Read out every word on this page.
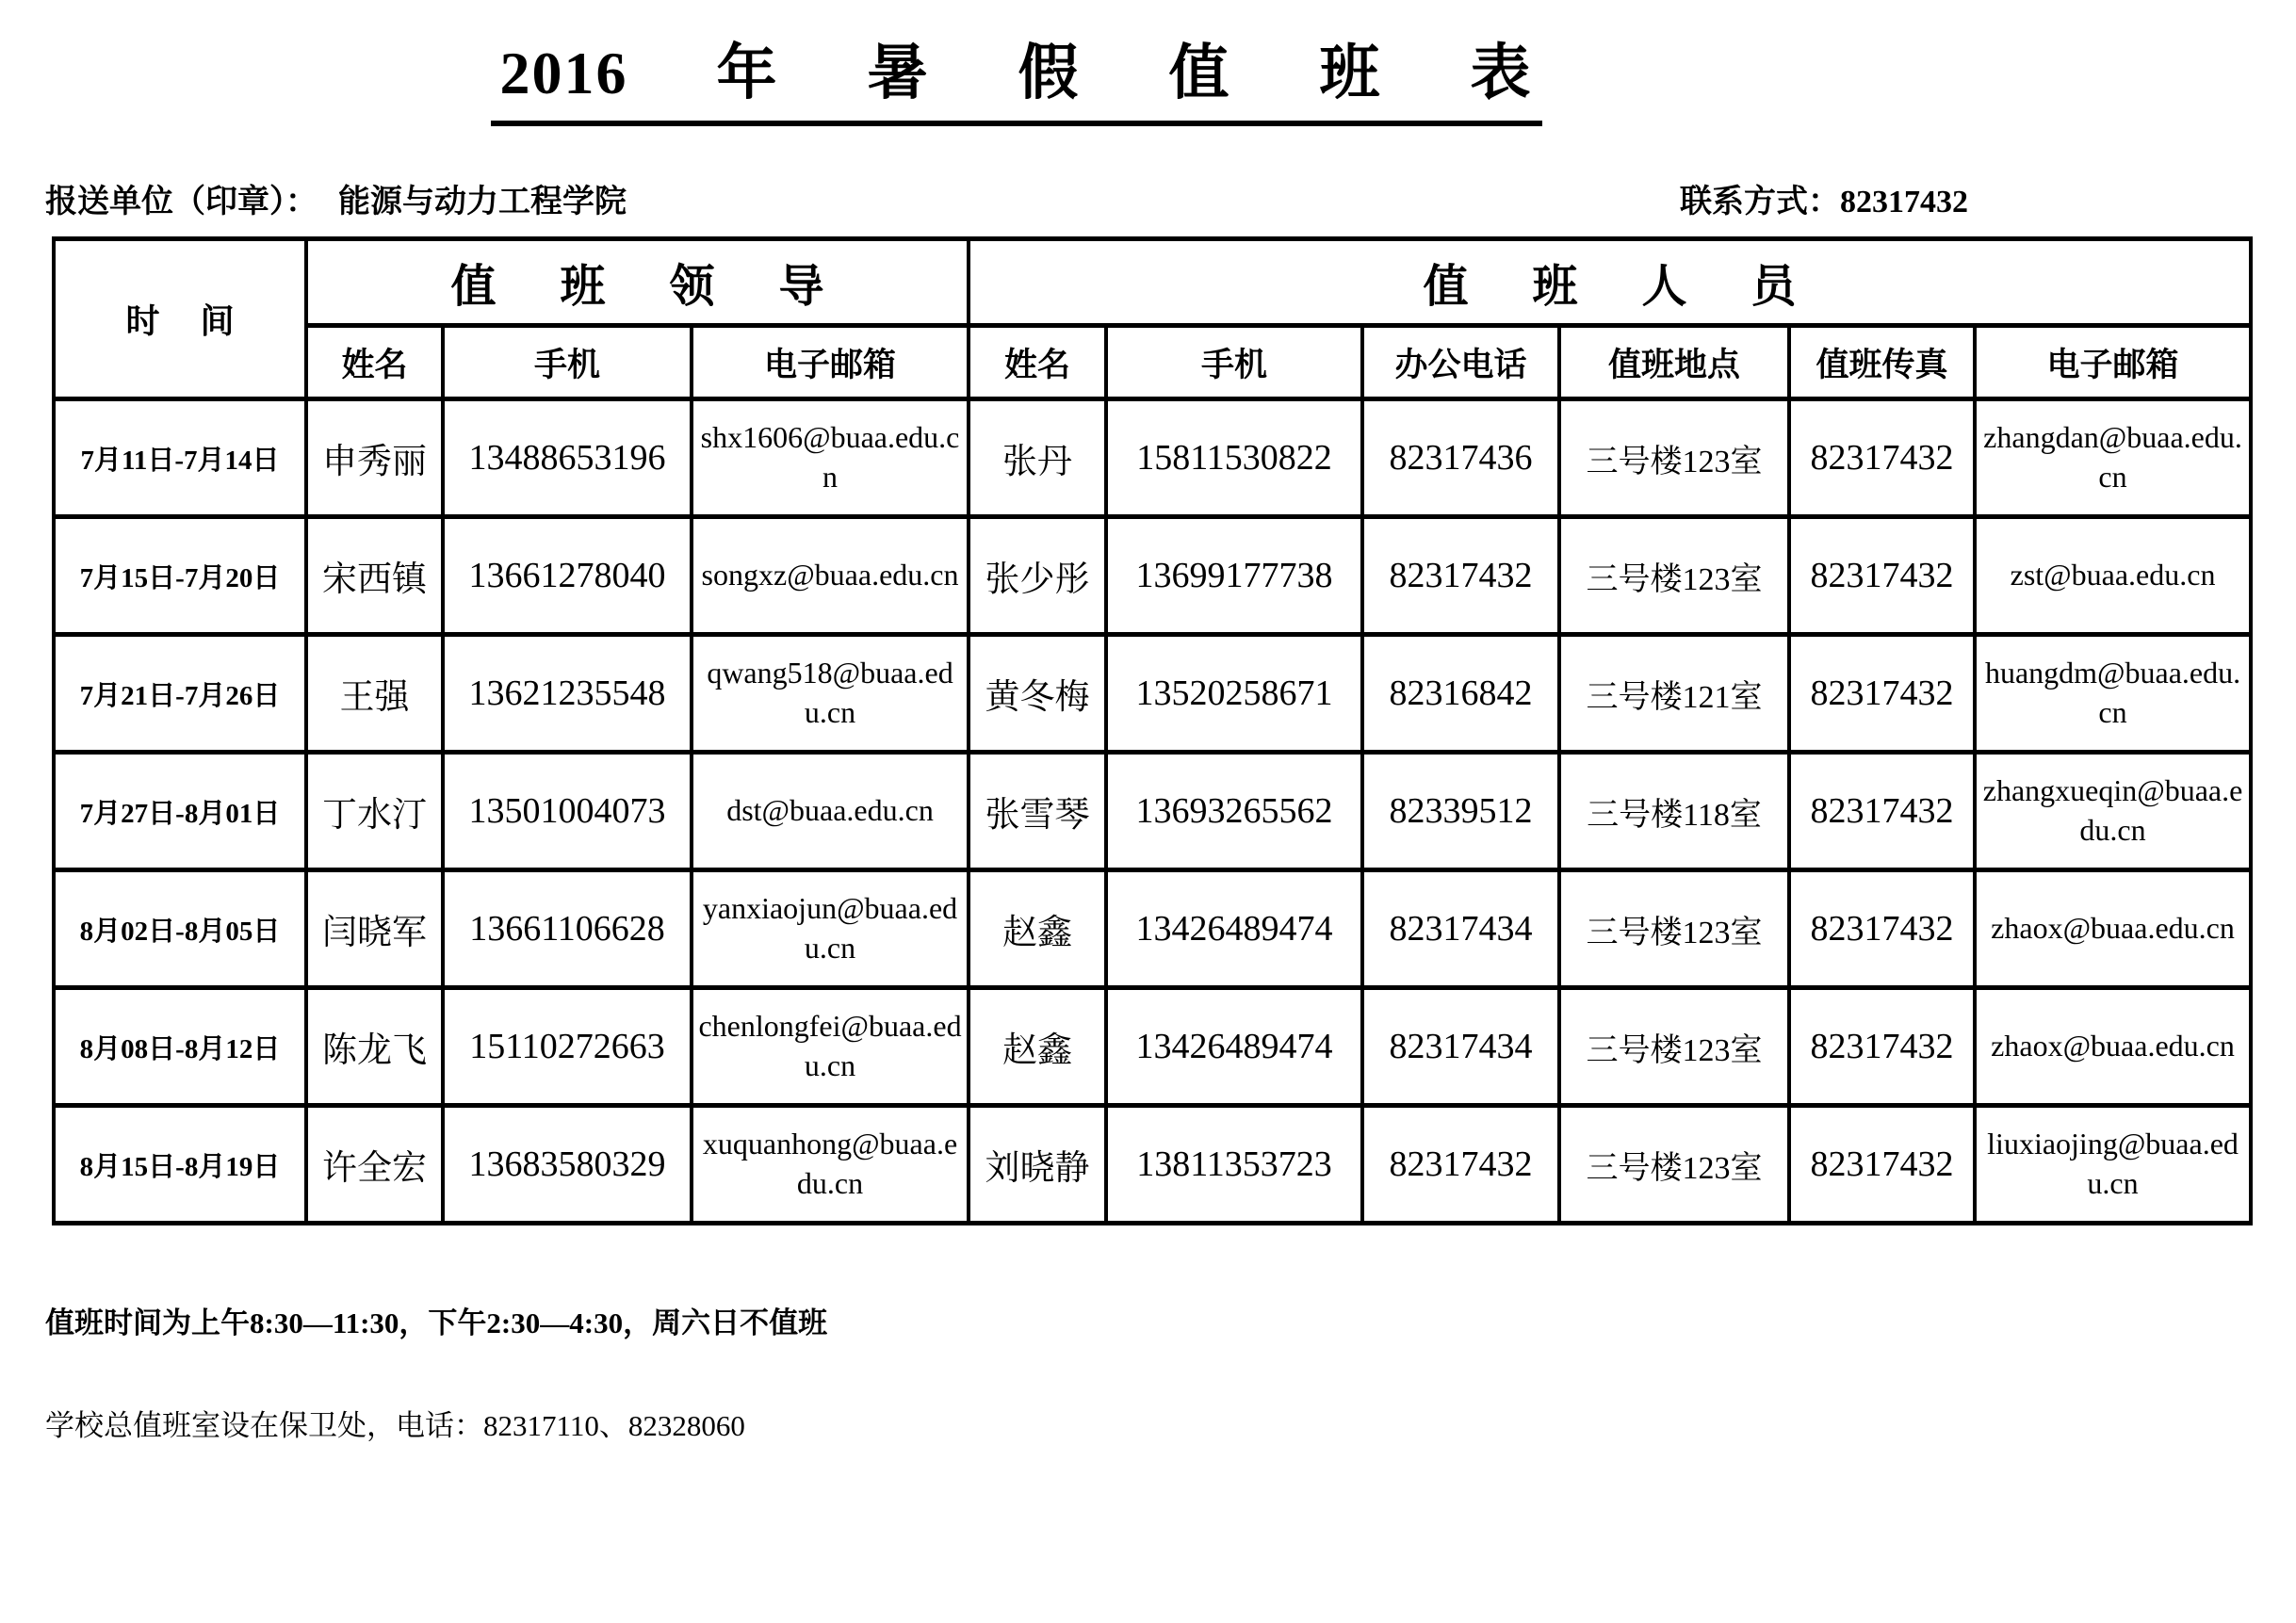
2016 年 暑 假 值 班 表
报送单位（印章）： 能源与动力工程学院	联系方式：82317432
时 间	值 班 领 导			值 班 人 员					
	姓名	手机	电子邮箱	姓名	手机	办公电话	值班地点	值班传真	电子邮箱
7月11日-7月14日	申秀丽	13488653196	shx1606@buaa.edu.cn	张丹	15811530822	82317436	三号楼123室	82317432	zhangdan@buaa.edu.cn
7月15日-7月20日	宋西镇	13661278040	songxz@buaa.edu.cn	张少彤	13699177738	82317432	三号楼123室	82317432	zst@buaa.edu.cn
7月21日-7月26日	王强	13621235548	qwang518@buaa.edu.cn	黄冬梅	13520258671	82316842	三号楼121室	82317432	huangdm@buaa.edu.cn
7月27日-8月01日	丁水汀	13501004073	dst@buaa.edu.cn	张雪琴	13693265562	82339512	三号楼118室	82317432	zhangxueqin@buaa.edu.cn
8月02日-8月05日	闫晓军	13661106628	yanxiaojun@buaa.edu.cn	赵鑫	13426489474	82317434	三号楼123室	82317432	zhaox@buaa.edu.cn
8月08日-8月12日	陈龙飞	15110272663	chenlongfei@buaa.edu.cn	赵鑫	13426489474	82317434	三号楼123室	82317432	zhaox@buaa.edu.cn
8月15日-8月19日	许全宏	13683580329	xuquanhong@buaa.edu.cn	刘晓静	13811353723	82317432	三号楼123室	82317432	liuxiaojing@buaa.edu.cn

值班时间为上午8:30—11:30，下午2:30—4:30，周六日不值班

学校总值班室设在保卫处，电话：82317110、82328060
